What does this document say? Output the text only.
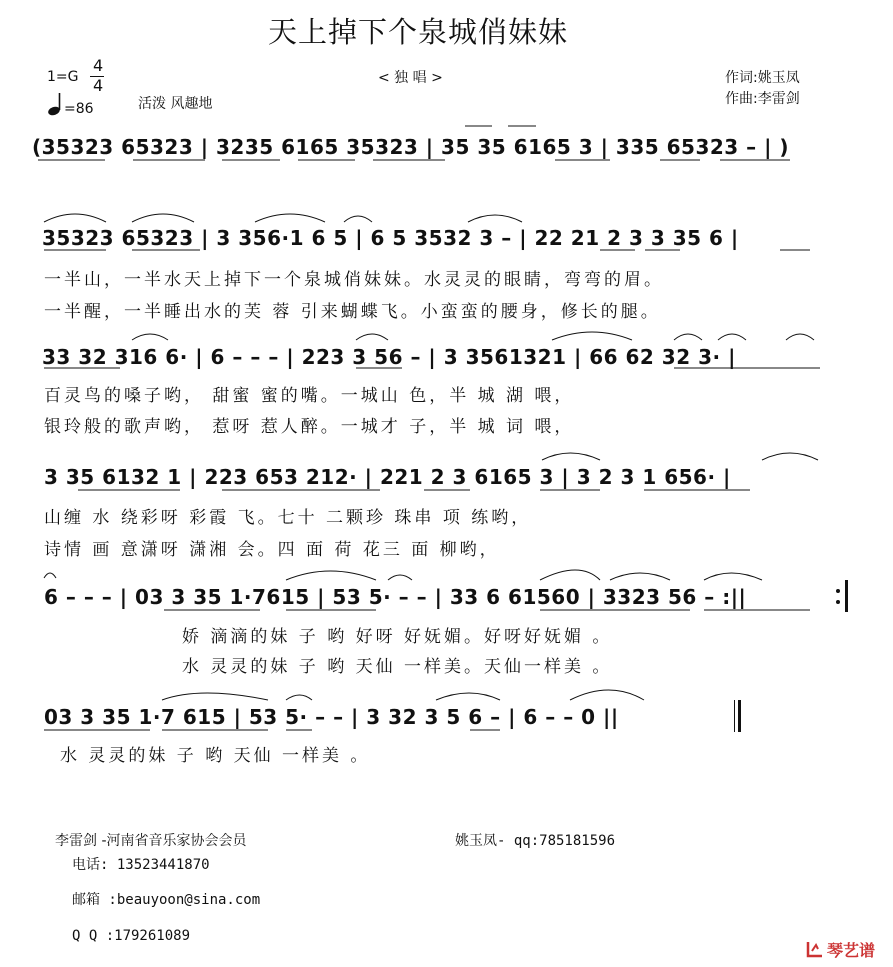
天上掉下个泉城俏妹妹
1=G
4
4
=86	活泼 风趣地
< 独 唱 >	作词:姚玉凤
作曲:李雷剑
(35323 65323 | 3235 6165 35323 | 35 35 6165 3 | 335 65323 – | )
35323 65323 | 3 356·1 6 5 | 6 5 3532 3 – | 22 21 2 3 3 35 6 |
一半山，一半水天上掉下一个泉城俏妹妹。水灵灵的眼睛，弯弯的眉。
一半醒，一半睡出水的芙 蓉 引来蝴蝶飞。小蛮蛮的腰身，修长的腿。
33 32 316 6· | 6 – – – | 223 3 56 – | 3 3561321 | 66 62 32 3· |
百灵鸟的嗓子哟， 甜蜜 蜜的嘴。一城山 色，半 城 湖 喂，
银玲般的歌声哟， 惹呀 惹人醉。一城才 子，半 城 词 喂，
3 35 6132 1 | 223 653 212· | 221 2 3 6165 3 | 3 2 3 1 656· |
山缠 水 绕彩呀 彩霞 飞。七十 二颗珍 珠串 项 练哟，
诗情 画 意潇呀 潇湘 会。四 面 荷 花三 面 柳哟，
6 – – – | 03 3 35 1·7615 | 53 5· – – | 33 6 61560 | 3323 56 – :||
娇 滴滴的妹 子 哟 好呀 好妩媚。好呀好妩媚 。
水 灵灵的妹 子 哟 天仙 一样美。天仙一样美 。
03 3 35 1·7 615 | 53 5· – – | 3 32 3 5 6 – | 6 – – 0 ||
水 灵灵的妹 子 哟 天仙 一样美 。
李雷剑 -河南省音乐家协会会员	姚玉凤- qq:785181596
电话: 13523441870
邮箱 :beauyoon@sina.com
Q Q :179261089
琴艺谱
